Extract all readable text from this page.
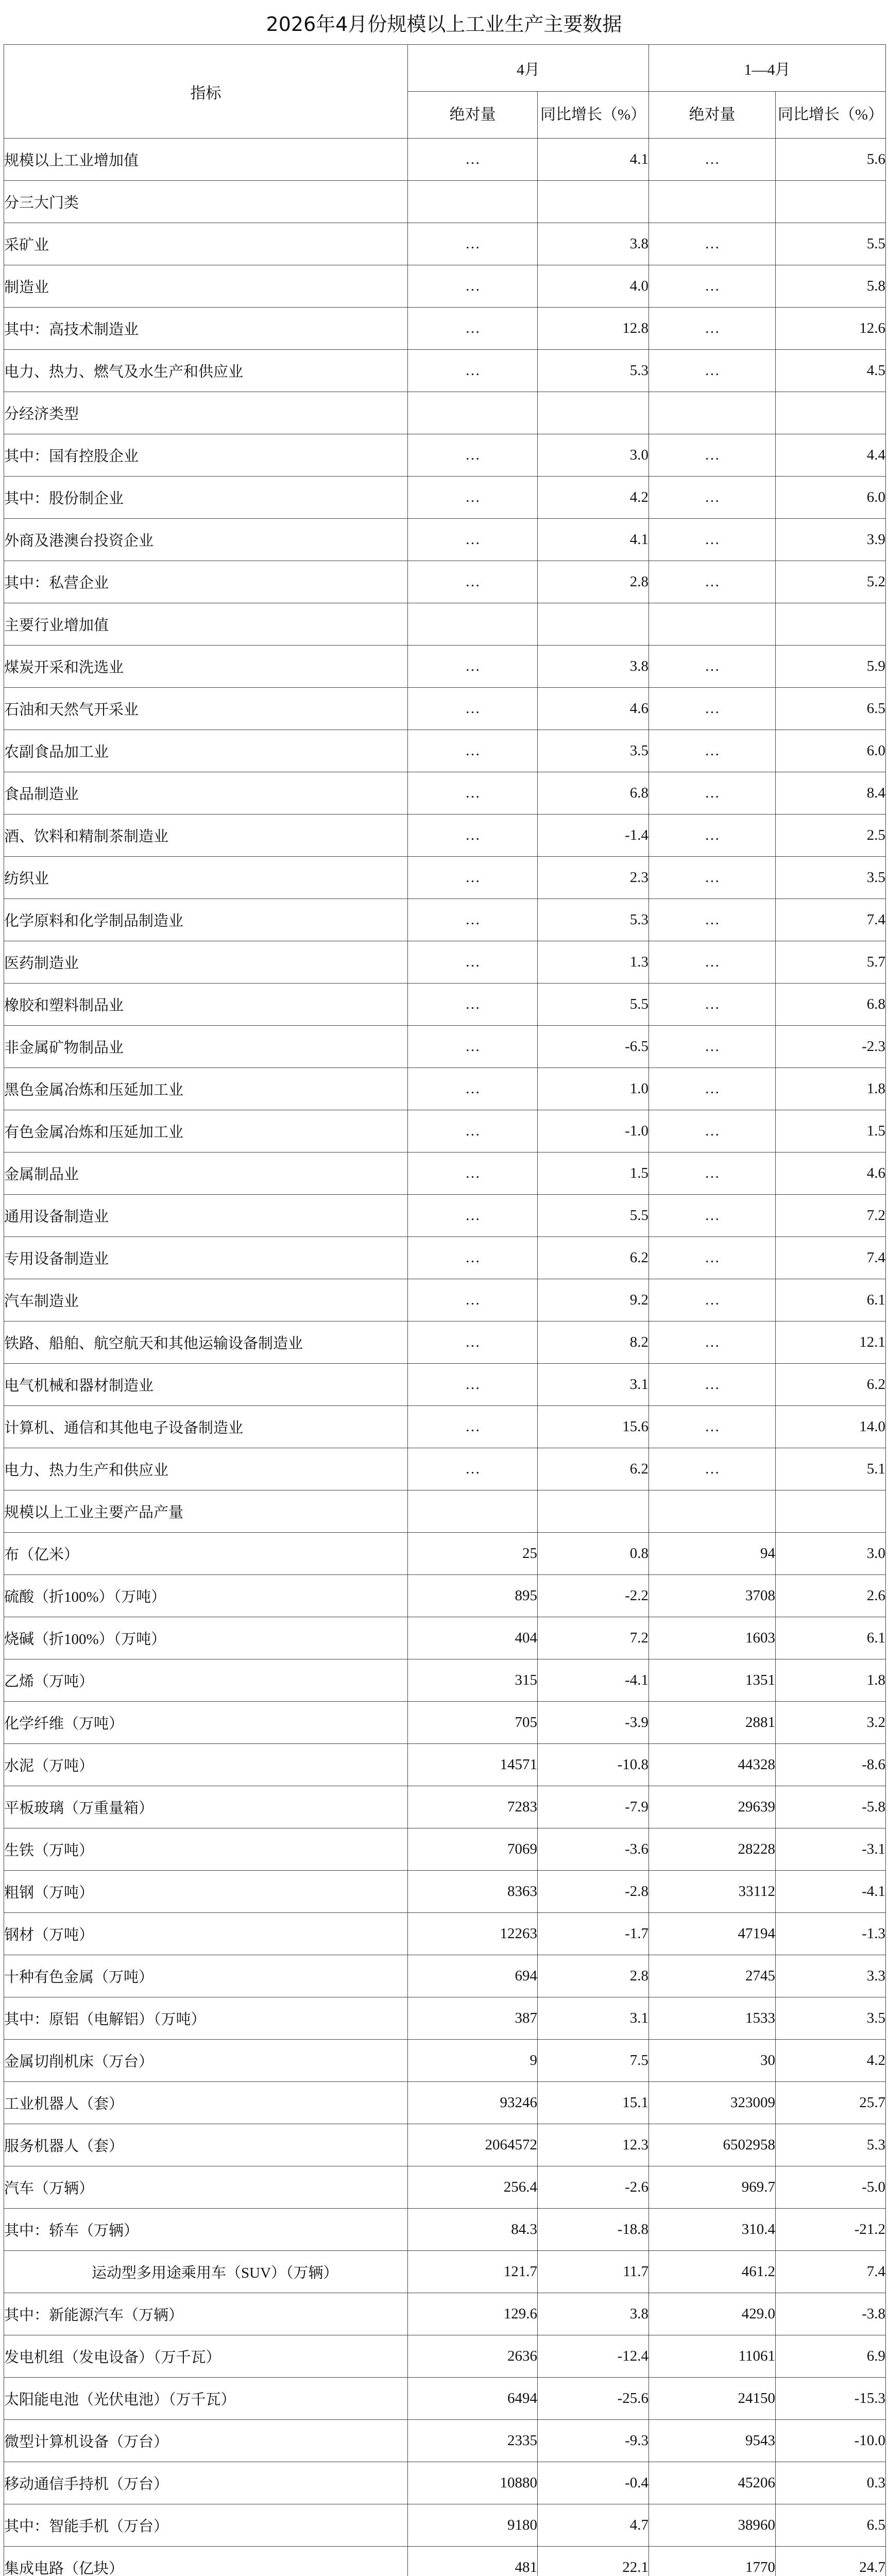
2026年4月份规模以上工业生产主要数据
指标	4月		1—4月	
	绝对量	同比增长（%）	绝对量	同比增长（%）
规模以上工业增加值	…	4.1	…	5.6
分三大门类				
采矿业	…	3.8	…	5.5
制造业	…	4.0	…	5.8
其中：高技术制造业	…	12.8	…	12.6
电力、热力、燃气及水生产和供应业	…	5.3	…	4.5
分经济类型				
其中：国有控股企业	…	3.0	…	4.4
其中：股份制企业	…	4.2	…	6.0
外商及港澳台投资企业	…	4.1	…	3.9
其中：私营企业	…	2.8	…	5.2
主要行业增加值				
煤炭开采和洗选业	…	3.8	…	5.9
石油和天然气开采业	…	4.6	…	6.5
农副食品加工业	…	3.5	…	6.0
食品制造业	…	6.8	…	8.4
酒、饮料和精制茶制造业	…	-1.4	…	2.5
纺织业	…	2.3	…	3.5
化学原料和化学制品制造业	…	5.3	…	7.4
医药制造业	…	1.3	…	5.7
橡胶和塑料制品业	…	5.5	…	6.8
非金属矿物制品业	…	-6.5	…	-2.3
黑色金属冶炼和压延加工业	…	1.0	…	1.8
有色金属冶炼和压延加工业	…	-1.0	…	1.5
金属制品业	…	1.5	…	4.6
通用设备制造业	…	5.5	…	7.2
专用设备制造业	…	6.2	…	7.4
汽车制造业	…	9.2	…	6.1
铁路、船舶、航空航天和其他运输设备制造业	…	8.2	…	12.1
电气机械和器材制造业	…	3.1	…	6.2
计算机、通信和其他电子设备制造业	…	15.6	…	14.0
电力、热力生产和供应业	…	6.2	…	5.1
规模以上工业主要产品产量				
布（亿米）	25	0.8	94	3.0
硫酸（折100%）（万吨）	895	-2.2	3708	2.6
烧碱（折100%）（万吨）	404	7.2	1603	6.1
乙烯（万吨）	315	-4.1	1351	1.8
化学纤维（万吨）	705	-3.9	2881	3.2
水泥（万吨）	14571	-10.8	44328	-8.6
平板玻璃（万重量箱）	7283	-7.9	29639	-5.8
生铁（万吨）	7069	-3.6	28228	-3.1
粗钢（万吨）	8363	-2.8	33112	-4.1
钢材（万吨）	12263	-1.7	47194	-1.3
十种有色金属（万吨）	694	2.8	2745	3.3
其中：原铝（电解铝）（万吨）	387	3.1	1533	3.5
金属切削机床（万台）	9	7.5	30	4.2
工业机器人（套）	93246	15.1	323009	25.7
服务机器人（套）	2064572	12.3	6502958	5.3
汽车（万辆）	256.4	-2.6	969.7	-5.0
其中：轿车（万辆）	84.3	-18.8	310.4	-21.2
运动型多用途乘用车（SUV）（万辆）	121.7	11.7	461.2	7.4
其中：新能源汽车（万辆）	129.6	3.8	429.0	-3.8
发电机组（发电设备）（万千瓦）	2636	-12.4	11061	6.9
太阳能电池（光伏电池）（万千瓦）	6494	-25.6	24150	-15.3
微型计算机设备（万台）	2335	-9.3	9543	-10.0
移动通信手持机（万台）	10880	-0.4	45206	0.3
其中：智能手机（万台）	9180	4.7	38960	6.5
集成电路（亿块）	481	22.1	1770	24.7
